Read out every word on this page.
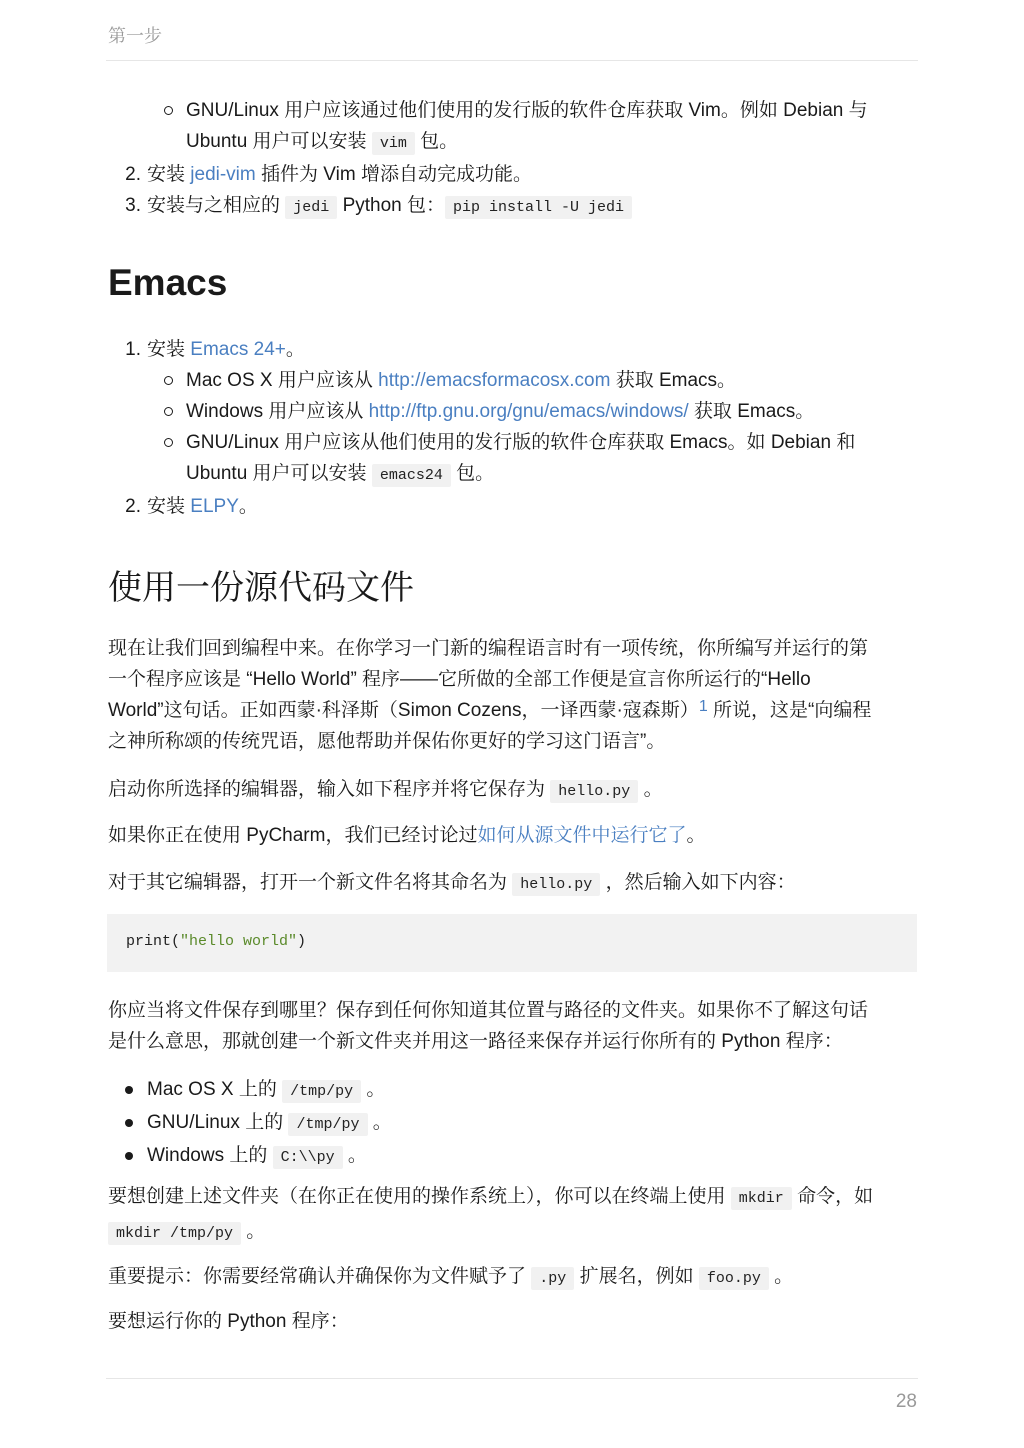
第一步
GNU/Linux 用户应该通过他们使用的发行版的软件仓库获取 Vim。例如 Debian 与
Ubuntu 用户可以安装 vim 包。
2. 安装 jedi-vim 插件为 Vim 增添自动完成功能。
3. 安装与之相应的 jedi Python 包： pip install -U jedi
Emacs
1. 安装 Emacs 24+。
Mac OS X 用户应该从 http://emacsformacosx.com 获取 Emacs。
Windows 用户应该从 http://ftp.gnu.org/gnu/emacs/windows/ 获取 Emacs。
GNU/Linux 用户应该从他们使用的发行版的软件仓库获取 Emacs。如 Debian 和
Ubuntu 用户可以安装 emacs24 包。
2. 安装 ELPY。
使用一份源代码文件
现在让我们回到编程中来。在你学习一门新的编程语言时有一项传统，你所编写并运行的第
一个程序应该是 “Hello World” 程序——它所做的全部工作便是宣言你所运行的“Hello
World”这句话。正如西蒙·科泽斯（Simon Cozens，一译西蒙·寇森斯）$^1$ 所说，这是“向编程
之神所称颂的传统咒语，愿他帮助并保佑你更好的学习这门语言”。
启动你所选择的编辑器，输入如下程序并将它保存为 hello.py 。
如果你正在使用 PyCharm，我们已经讨论过如何从源文件中运行它了。
对于其它编辑器，打开一个新文件名将其命名为 hello.py ，然后输入如下内容：
print("hello world")
你应当将文件保存到哪里？保存到任何你知道其位置与路径的文件夹。如果你不了解这句话
是什么意思，那就创建一个新文件夹并用这一路径来保存并运行你所有的 Python 程序：
Mac OS X 上的 /tmp/py 。
GNU/Linux 上的 /tmp/py 。
Windows 上的 C:\\py 。
要想创建上述文件夹（在你正在使用的操作系统上），你可以在终端上使用 mkdir 命令，如
mkdir /tmp/py 。
重要提示：你需要经常确认并确保你为文件赋予了 .py 扩展名，例如 foo.py 。
要想运行你的 Python 程序：
28
